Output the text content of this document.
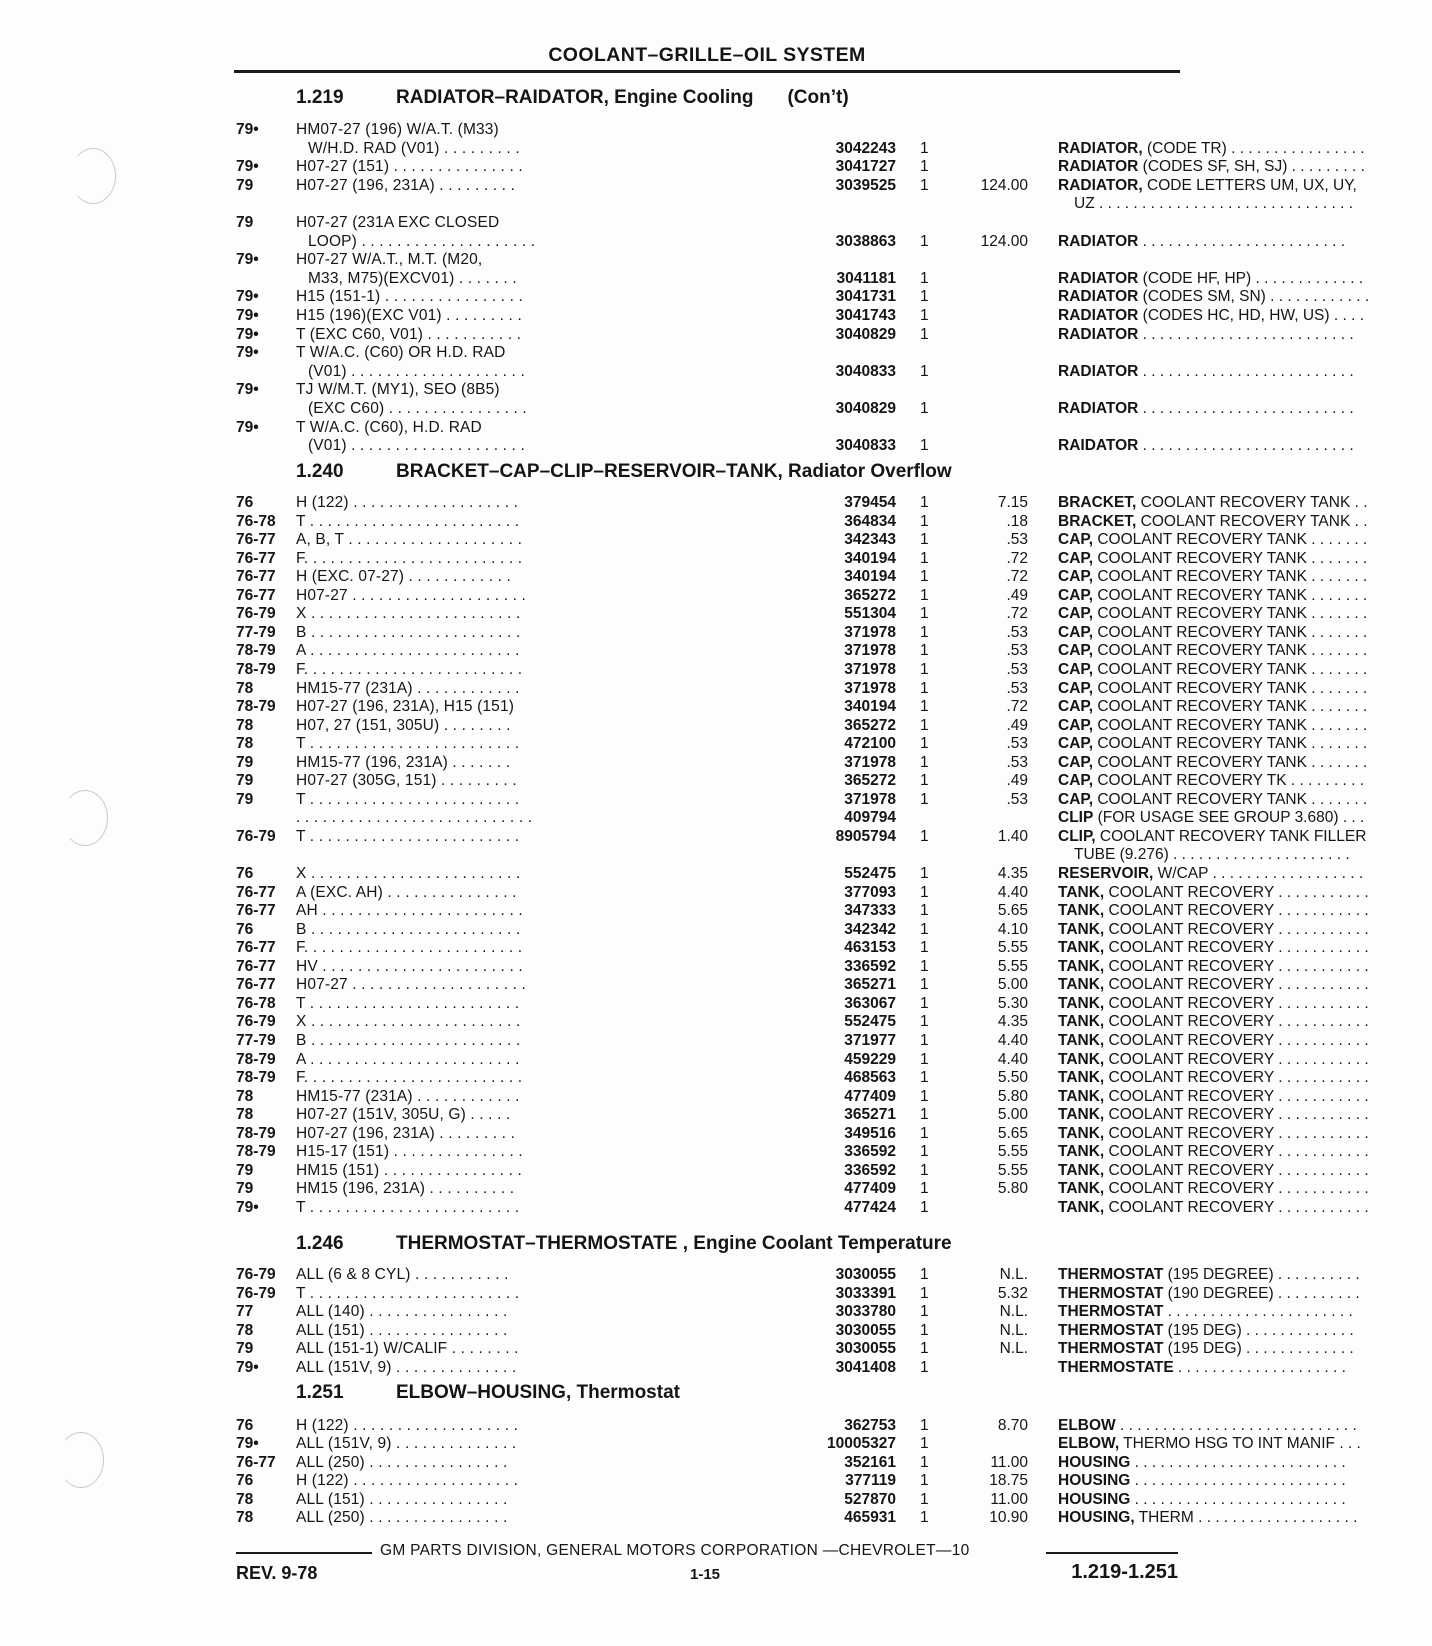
COOLANT–GRILLE–OIL SYSTEM
1.219	RADIATOR–RAIDATOR, Engine Cooling (Con’t)
79•	HM07-27 (196) W/A.T. (M33)
W/H.D. RAD (V01) . . . . . . . . .	3042243 1	RADIATOR, (CODE TR) . . . . . . . . . . . . . . . .
79•	H07-27 (151) . . . . . . . . . . . . . . .	3041727 1	RADIATOR (CODES SF, SH, SJ) . . . . . . . . .
79	H07-27 (196, 231A) . . . . . . . . .	3039525 1	124.00 RADIATOR, CODE LETTERS UM, UX, UY,
UZ . . . . . . . . . . . . . . . . . . . . . . . . . . . . . .
79	H07-27 (231A EXC CLOSED
LOOP) . . . . . . . . . . . . . . . . . . . .	3038863 1	124.00 RADIATOR . . . . . . . . . . . . . . . . . . . . . . . .
79•	H07-27 W/A.T., M.T. (M20,
M33, M75)(EXCV01) . . . . . . .	3041181 1	RADIATOR (CODE HF, HP) . . . . . . . . . . . . .
79•	H15 (151-1) . . . . . . . . . . . . . . . .	3041731 1	RADIATOR (CODES SM, SN) . . . . . . . . . . . .
79•	H15 (196)(EXC V01) . . . . . . . . .	3041743 1	RADIATOR (CODES HC, HD, HW, US) . . . .
79•	T (EXC C60, V01) . . . . . . . . . . .	3040829 1	RADIATOR . . . . . . . . . . . . . . . . . . . . . . . . .
79•	T W/A.C. (C60) OR H.D. RAD
(V01) . . . . . . . . . . . . . . . . . . . .	3040833 1	RADIATOR . . . . . . . . . . . . . . . . . . . . . . . . .
79•	TJ W/M.T. (MY1), SEO (8B5)
(EXC C60) . . . . . . . . . . . . . . . .	3040829 1	RADIATOR . . . . . . . . . . . . . . . . . . . . . . . . .
79•	T W/A.C. (C60), H.D. RAD
(V01) . . . . . . . . . . . . . . . . . . . .	3040833 1	RAIDATOR . . . . . . . . . . . . . . . . . . . . . . . . .
1.240	BRACKET–CAP–CLIP–RESERVOIR–TANK, Radiator Overflow
76	H (122) . . . . . . . . . . . . . . . . . . .	379454 1	7.15 BRACKET, COOLANT RECOVERY TANK . .
76-78	T . . . . . . . . . . . . . . . . . . . . . . . .	364834 1	.18 BRACKET, COOLANT RECOVERY TANK . .
76-77	A, B, T . . . . . . . . . . . . . . . . . . . .	342343 1	.53 CAP, COOLANT RECOVERY TANK . . . . . . .
76-77	F. . . . . . . . . . . . . . . . . . . . . . . . .	340194 1	.72 CAP, COOLANT RECOVERY TANK . . . . . . .
76-77	H (EXC. 07-27) . . . . . . . . . . . .	340194 1	.72 CAP, COOLANT RECOVERY TANK . . . . . . .
76-77	H07-27 . . . . . . . . . . . . . . . . . . . .	365272 1	.49 CAP, COOLANT RECOVERY TANK . . . . . . .
76-79	X . . . . . . . . . . . . . . . . . . . . . . . .	551304 1	.72 CAP, COOLANT RECOVERY TANK . . . . . . .
77-79	B . . . . . . . . . . . . . . . . . . . . . . . .	371978 1	.53 CAP, COOLANT RECOVERY TANK . . . . . . .
78-79	A . . . . . . . . . . . . . . . . . . . . . . . .	371978 1	.53 CAP, COOLANT RECOVERY TANK . . . . . . .
78-79	F. . . . . . . . . . . . . . . . . . . . . . . . .	371978 1	.53 CAP, COOLANT RECOVERY TANK . . . . . . .
78	HM15-77 (231A) . . . . . . . . . . . .	371978 1	.53 CAP, COOLANT RECOVERY TANK . . . . . . .
78-79	H07-27 (196, 231A), H15 (151)	340194 1	.72 CAP, COOLANT RECOVERY TANK . . . . . . .
78	H07, 27 (151, 305U) . . . . . . . .	365272 1	.49 CAP, COOLANT RECOVERY TANK . . . . . . .
78	T . . . . . . . . . . . . . . . . . . . . . . . .	472100 1	.53 CAP, COOLANT RECOVERY TANK . . . . . . .
79	HM15-77 (196, 231A) . . . . . . .	371978 1	.53 CAP, COOLANT RECOVERY TANK . . . . . . .
79	H07-27 (305G, 151) . . . . . . . . .	365272 1	.49 CAP, COOLANT RECOVERY TK . . . . . . . . .
79	T . . . . . . . . . . . . . . . . . . . . . . . .	371978 1	.53 CAP, COOLANT RECOVERY TANK . . . . . . .
. . . . . . . . . . . . . . . . . . . . . . . . . . .	409794	CLIP (FOR USAGE SEE GROUP 3.680) . . .
76-79	T . . . . . . . . . . . . . . . . . . . . . . . .	8905794 1	1.40 CLIP, COOLANT RECOVERY TANK FILLER
TUBE (9.276) . . . . . . . . . . . . . . . . . . . . .
76	X . . . . . . . . . . . . . . . . . . . . . . . .	552475 1	4.35 RESERVOIR, W/CAP . . . . . . . . . . . . . . . . . .
76-77	A (EXC. AH) . . . . . . . . . . . . . . .	377093 1	4.40 TANK, COOLANT RECOVERY . . . . . . . . . . .
76-77	AH . . . . . . . . . . . . . . . . . . . . . . .	347333 1	5.65 TANK, COOLANT RECOVERY . . . . . . . . . . .
76	B . . . . . . . . . . . . . . . . . . . . . . . .	342342 1	4.10 TANK, COOLANT RECOVERY . . . . . . . . . . .
76-77	F. . . . . . . . . . . . . . . . . . . . . . . . .	463153 1	5.55 TANK, COOLANT RECOVERY . . . . . . . . . . .
76-77	HV . . . . . . . . . . . . . . . . . . . . . . .	336592 1	5.55 TANK, COOLANT RECOVERY . . . . . . . . . . .
76-77	H07-27 . . . . . . . . . . . . . . . . . . . .	365271 1	5.00 TANK, COOLANT RECOVERY . . . . . . . . . . .
76-78	T . . . . . . . . . . . . . . . . . . . . . . . .	363067 1	5.30 TANK, COOLANT RECOVERY . . . . . . . . . . .
76-79	X . . . . . . . . . . . . . . . . . . . . . . . .	552475 1	4.35 TANK, COOLANT RECOVERY . . . . . . . . . . .
77-79	B . . . . . . . . . . . . . . . . . . . . . . . .	371977 1	4.40 TANK, COOLANT RECOVERY . . . . . . . . . . .
78-79	A . . . . . . . . . . . . . . . . . . . . . . . .	459229 1	4.40 TANK, COOLANT RECOVERY . . . . . . . . . . .
78-79	F. . . . . . . . . . . . . . . . . . . . . . . . .	468563 1	5.50 TANK, COOLANT RECOVERY . . . . . . . . . . .
78	HM15-77 (231A) . . . . . . . . . . . .	477409 1	5.80 TANK, COOLANT RECOVERY . . . . . . . . . . .
78	H07-27 (151V, 305U, G) . . . . .	365271 1	5.00 TANK, COOLANT RECOVERY . . . . . . . . . . .
78-79	H07-27 (196, 231A) . . . . . . . . .	349516 1	5.65 TANK, COOLANT RECOVERY . . . . . . . . . . .
78-79	H15-17 (151) . . . . . . . . . . . . . . .	336592 1	5.55 TANK, COOLANT RECOVERY . . . . . . . . . . .
79	HM15 (151) . . . . . . . . . . . . . . . .	336592 1	5.55 TANK, COOLANT RECOVERY . . . . . . . . . . .
79	HM15 (196, 231A) . . . . . . . . . .	477409 1	5.80 TANK, COOLANT RECOVERY . . . . . . . . . . .
79•	T . . . . . . . . . . . . . . . . . . . . . . . .	477424 1	TANK, COOLANT RECOVERY . . . . . . . . . . .
1.246	THERMOSTAT–THERMOSTATE , Engine Coolant Temperature
76-79	ALL (6 & 8 CYL) . . . . . . . . . . .	3030055 1	N.L. THERMOSTAT (195 DEGREE) . . . . . . . . . .
76-79	T . . . . . . . . . . . . . . . . . . . . . . . .	3033391 1	5.32 THERMOSTAT (190 DEGREE) . . . . . . . . . .
77	ALL (140) . . . . . . . . . . . . . . . .	3033780 1	N.L. THERMOSTAT . . . . . . . . . . . . . . . . . . . . . .
78	ALL (151) . . . . . . . . . . . . . . . .	3030055 1	N.L. THERMOSTAT (195 DEG) . . . . . . . . . . . . .
79	ALL (151-1) W/CALIF . . . . . . . .	3030055 1	N.L. THERMOSTAT (195 DEG) . . . . . . . . . . . . .
79•	ALL (151V, 9) . . . . . . . . . . . . . .	3041408 1	THERMOSTATE . . . . . . . . . . . . . . . . . . . .
1.251	ELBOW–HOUSING, Thermostat
76	H (122) . . . . . . . . . . . . . . . . . . .	362753 1	8.70 ELBOW . . . . . . . . . . . . . . . . . . . . . . . . . . . .
79•	ALL (151V, 9) . . . . . . . . . . . . . .	10005327 1	ELBOW, THERMO HSG TO INT MANIF . . .
76-77	ALL (250) . . . . . . . . . . . . . . . .	352161 1	11.00 HOUSING . . . . . . . . . . . . . . . . . . . . . . . . .
76	H (122) . . . . . . . . . . . . . . . . . . .	377119 1	18.75 HOUSING . . . . . . . . . . . . . . . . . . . . . . . . .
78	ALL (151) . . . . . . . . . . . . . . . .	527870 1	11.00 HOUSING . . . . . . . . . . . . . . . . . . . . . . . . .
78	ALL (250) . . . . . . . . . . . . . . . .	465931 1	10.90 HOUSING, THERM . . . . . . . . . . . . . . . . . . .
GM PARTS DIVISION, GENERAL MOTORS CORPORATION —CHEVROLET—10
REV. 9-78	1-15	1.219-1.251
